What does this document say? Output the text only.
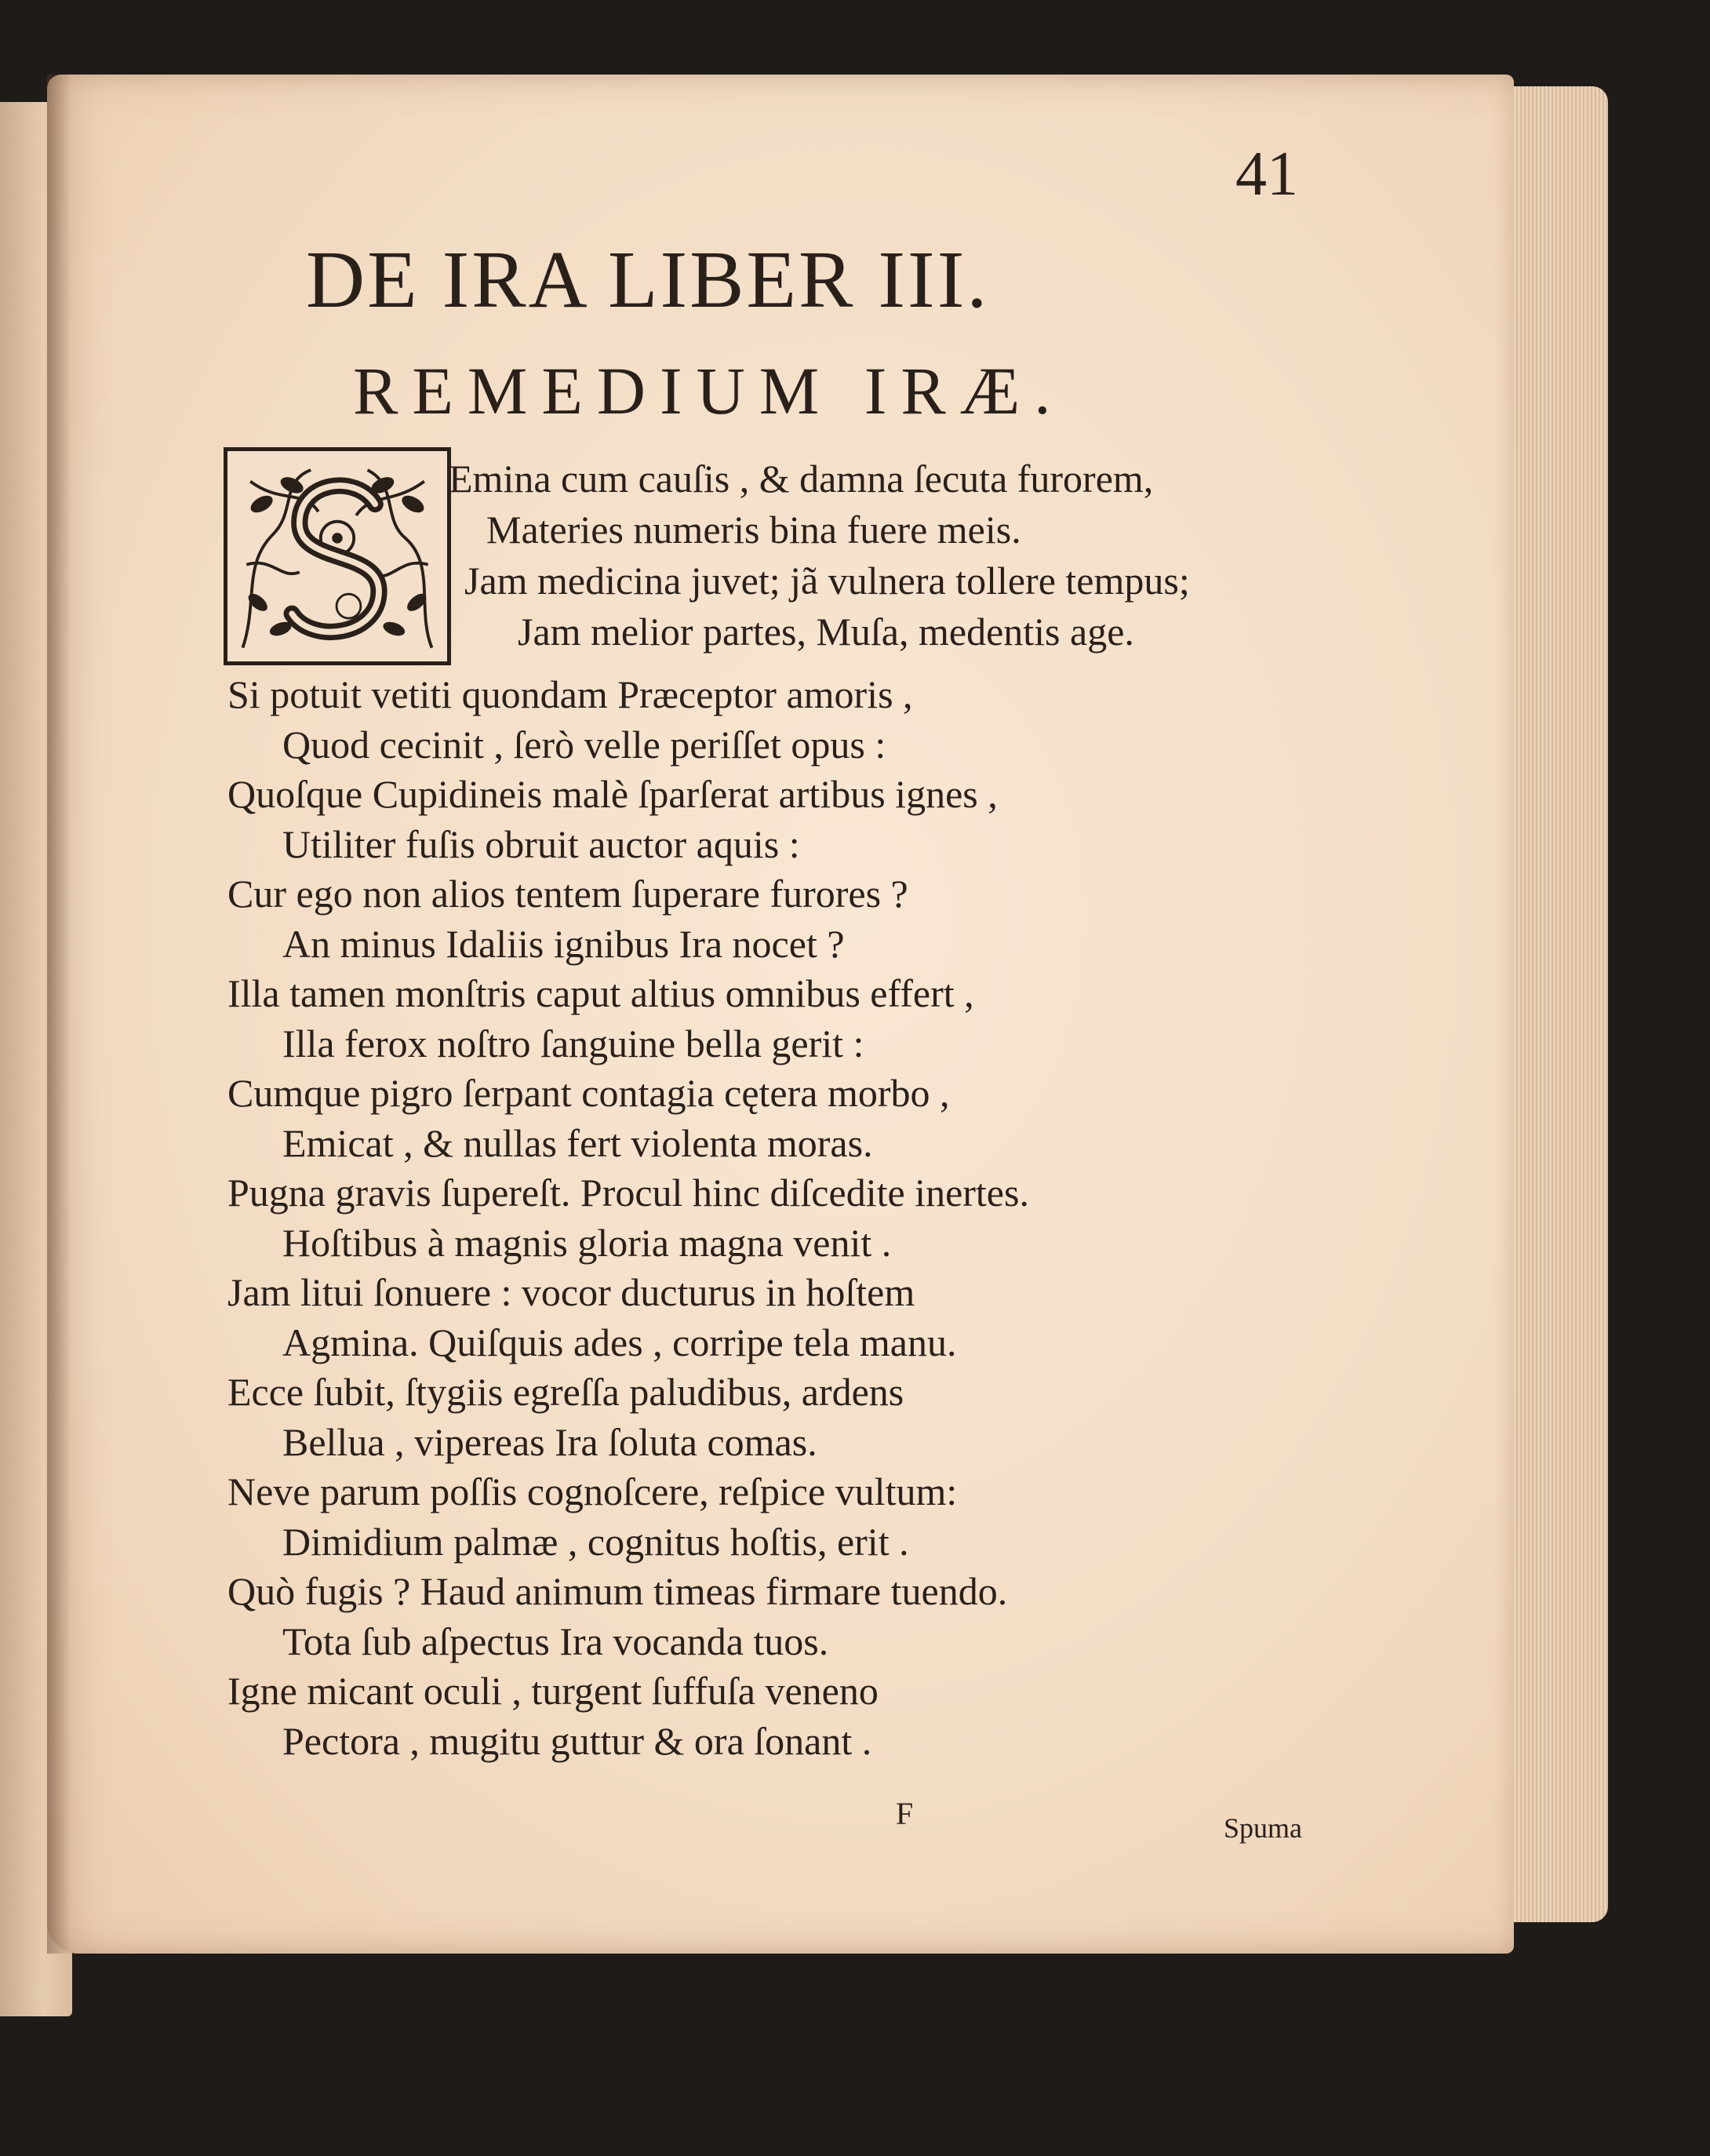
41
DE IRA LIBER III.
REMEDIUM IRÆ.
Emina cum cauſis , & damna ſecuta furorem,
Materies numeris bina fuere meis.
Jam medicina juvet; jã vulnera tollere tempus;
Jam melior partes, Muſa, medentis age.
Si potuit vetiti quondam Præceptor amoris ,
Quod cecinit , ſerò velle periſſet opus :
Quoſque Cupidineis malè ſparſerat artibus ignes ,
Utiliter fuſis obruit auctor aquis :
Cur ego non alios tentem ſuperare furores ?
An minus Idaliis ignibus Ira nocet ?
Illa tamen monſtris caput altius omnibus effert ,
Illa ferox noſtro ſanguine bella gerit :
Cumque pigro ſerpant contagia cętera morbo ,
Emicat , & nullas fert violenta moras.
Pugna gravis ſupereſt. Procul hinc diſcedite inertes.
Hoſtibus à magnis gloria magna venit .
Jam litui ſonuere : vocor ducturus in hoſtem
Agmina. Quiſquis ades , corripe tela manu.
Ecce ſubit, ſtygiis egreſſa paludibus, ardens
Bellua , vipereas Ira ſoluta comas.
Neve parum poſſis cognoſcere, reſpice vultum:
Dimidium palmæ , cognitus hoſtis, erit .
Quò fugis ? Haud animum timeas firmare tuendo.
Tota ſub aſpectus Ira vocanda tuos.
Igne micant oculi , turgent ſuffuſa veneno
Pectora , mugitu guttur & ora ſonant .
F	Spuma
